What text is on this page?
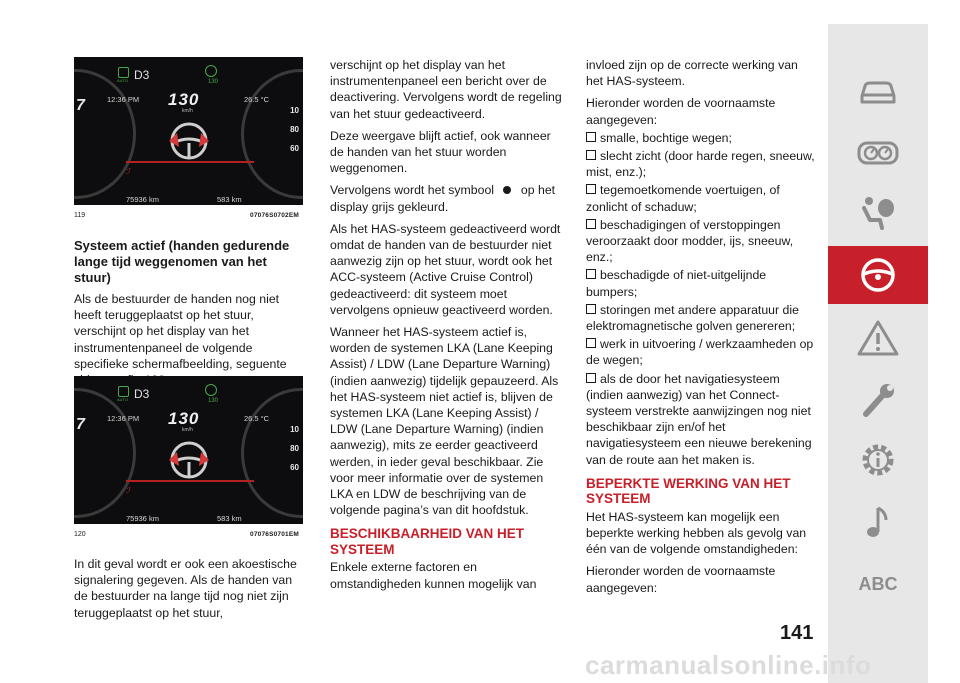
AUTO D3	130
12:36 PM 130
km/h
26.5 °C
ℐ
75936 km	583 km
7	10
80
60
119	07076S0702EM
Systeem actief (handen gedurende lange tijd weggenomen van het stuur)

Als de bestuurder de handen nog niet heeft teruggeplaatst op het stuur, verschijnt op het display van het instrumentenpaneel de volgende specifieke schermafbeelding, seguente

AUTO D3	130
12:36 PM 130
km/h
26.5 °C
ℐ
75936 km	583 km
7	10
80
60
120	07076S0701EM

In dit geval wordt er ook een akoestische signalering gegeven. Als de handen van de bestuurder na lange tijd nog niet zijn teruggeplaatst op het stuur,

verschijnt op het display van het instrumentenpaneel een bericht over de deactivering. Vervolgens wordt de regeling van het stuur gedeactiveerd.

Deze weergave blijft actief, ook wanneer de handen van het stuur worden weggenomen.

Vervolgens wordt het symbool op het display grijs gekleurd.

Als het HAS-systeem gedeactiveerd wordt omdat de handen van de bestuurder niet aanwezig zijn op het stuur, wordt ook het ACC-systeem (Active Cruise Control) gedeactiveerd: dit systeem moet vervolgens opnieuw geactiveerd worden.

Wanneer het HAS-systeem actief is, worden de systemen LKA (Lane Keeping Assist) / LDW (Lane Departure Warning) (indien aanwezig) tijdelijk gepauzeerd. Als het HAS-systeem niet actief is, blijven de systemen LKA (Lane Keeping Assist) / LDW (Lane Departure Warning) (indien aanwezig), mits ze eerder geactiveerd werden, in ieder geval beschikbaar. Zie voor meer informatie over de systemen LKA en LDW de beschrijving van de volgende pagina’s van dit hoofdstuk.

BESCHIKBAARHEID VAN HET SYSTEEM

Enkele externe factoren en omstandigheden kunnen mogelijk van

invloed zijn op de correcte werking van het HAS-systeem.

Hieronder worden de voornaamste aangegeven:

smalle, bochtige wegen;
slecht zicht (door harde regen, sneeuw, mist, enz.);
tegemoetkomende voertuigen, of zonlicht of schaduw;
beschadigingen of verstoppingen veroorzaakt door modder, ijs, sneeuw, enz.;
beschadigde of niet-uitgelijnde bumpers;
storingen met andere apparatuur die elektromagnetische golven genereren;
werk in uitvoering / werkzaamheden op de wegen;
als de door het navigatiesysteem (indien aanwezig) van het Connect-systeem verstrekte aanwijzingen nog niet beschikbaar zijn en/of het navigatiesysteem een nieuwe berekening van de route aan het maken is.
BEPERKTE WERKING VAN HET SYSTEEM

Het HAS-systeem kan mogelijk een beperkte werking hebben als gevolg van één van de volgende omstandigheden:

Hieronder worden de voornaamste aangegeven:

141
ABC
carmanualsonline.info
